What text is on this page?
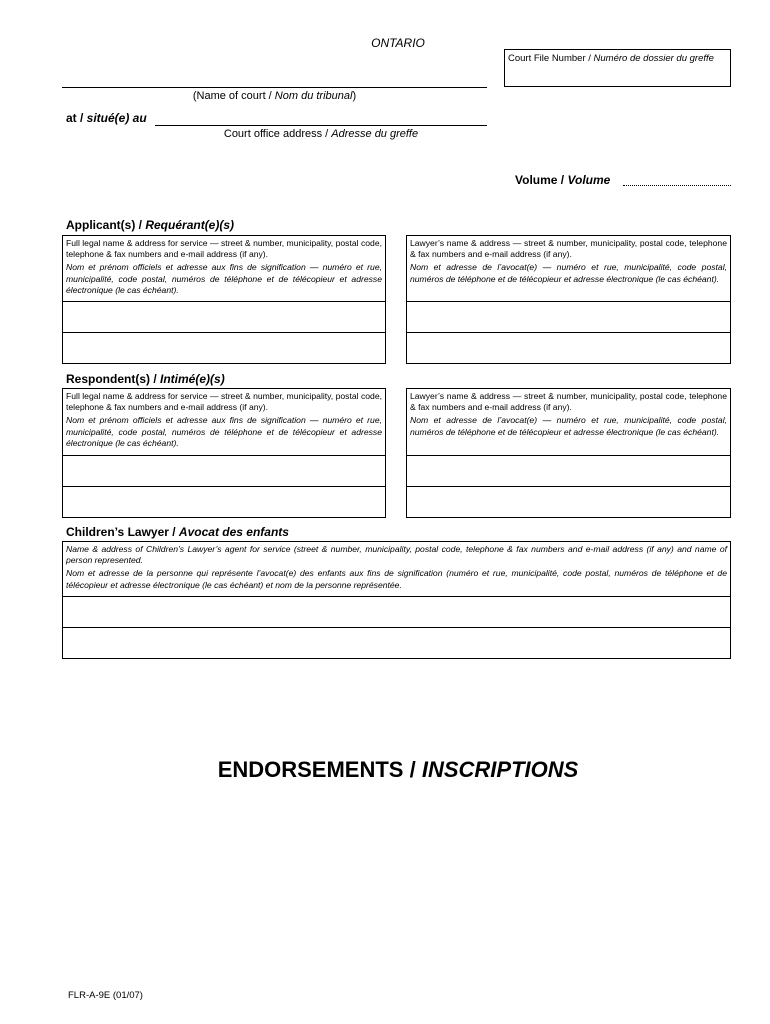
ONTARIO
Court File Number / Numéro de dossier du greffe
(Name of court / Nom du tribunal)
at / situé(e) au
Court office address / Adresse du greffe
Volume / Volume
Applicant(s) / Requérant(e)(s)

Full legal name & address for service — street & number, municipality, postal code, telephone & fax numbers and e-mail address (if any).

Nom et prénom officiels et adresse aux fins de signification — numéro et rue, municipalité, code postal, numéros de téléphone et de télécopieur et adresse électronique (le cas échéant).

Lawyer’s name & address — street & number, municipality, postal code, telephone & fax numbers and e-mail address (if any).

Nom et adresse de l’avocat(e) — numéro et rue, municipalité, code postal, numéros de téléphone et de télécopieur et adresse électronique (le cas échéant).

Respondent(s) / Intimé(e)(s)

Full legal name & address for service — street & number, municipality, postal code, telephone & fax numbers and e-mail address (if any).

Nom et prénom officiels et adresse aux fins de signification — numéro et rue, municipalité, code postal, numéros de téléphone et de télécopieur et adresse électronique (le cas échéant).

Lawyer’s name & address — street & number, municipality, postal code, telephone & fax numbers and e-mail address (if any).

Nom et adresse de l’avocat(e) — numéro et rue, municipalité, code postal, numéros de téléphone et de télécopieur et adresse électronique (le cas échéant).

Children’s Lawyer / Avocat des enfants

Name & address of Children’s Lawyer’s agent for service (street & number, municipality, postal code, telephone & fax numbers and e-mail address (if any) and name of person represented.

Nom et adresse de la personne qui représente l’avocat(e) des enfants aux fins de signification (numéro et rue, municipalité, code postal, numéros de téléphone et de télécopieur et adresse électronique (le cas échéant) et nom de la personne représentée.

ENDORSEMENTS / INSCRIPTIONS
FLR-A-9E (01/07)
